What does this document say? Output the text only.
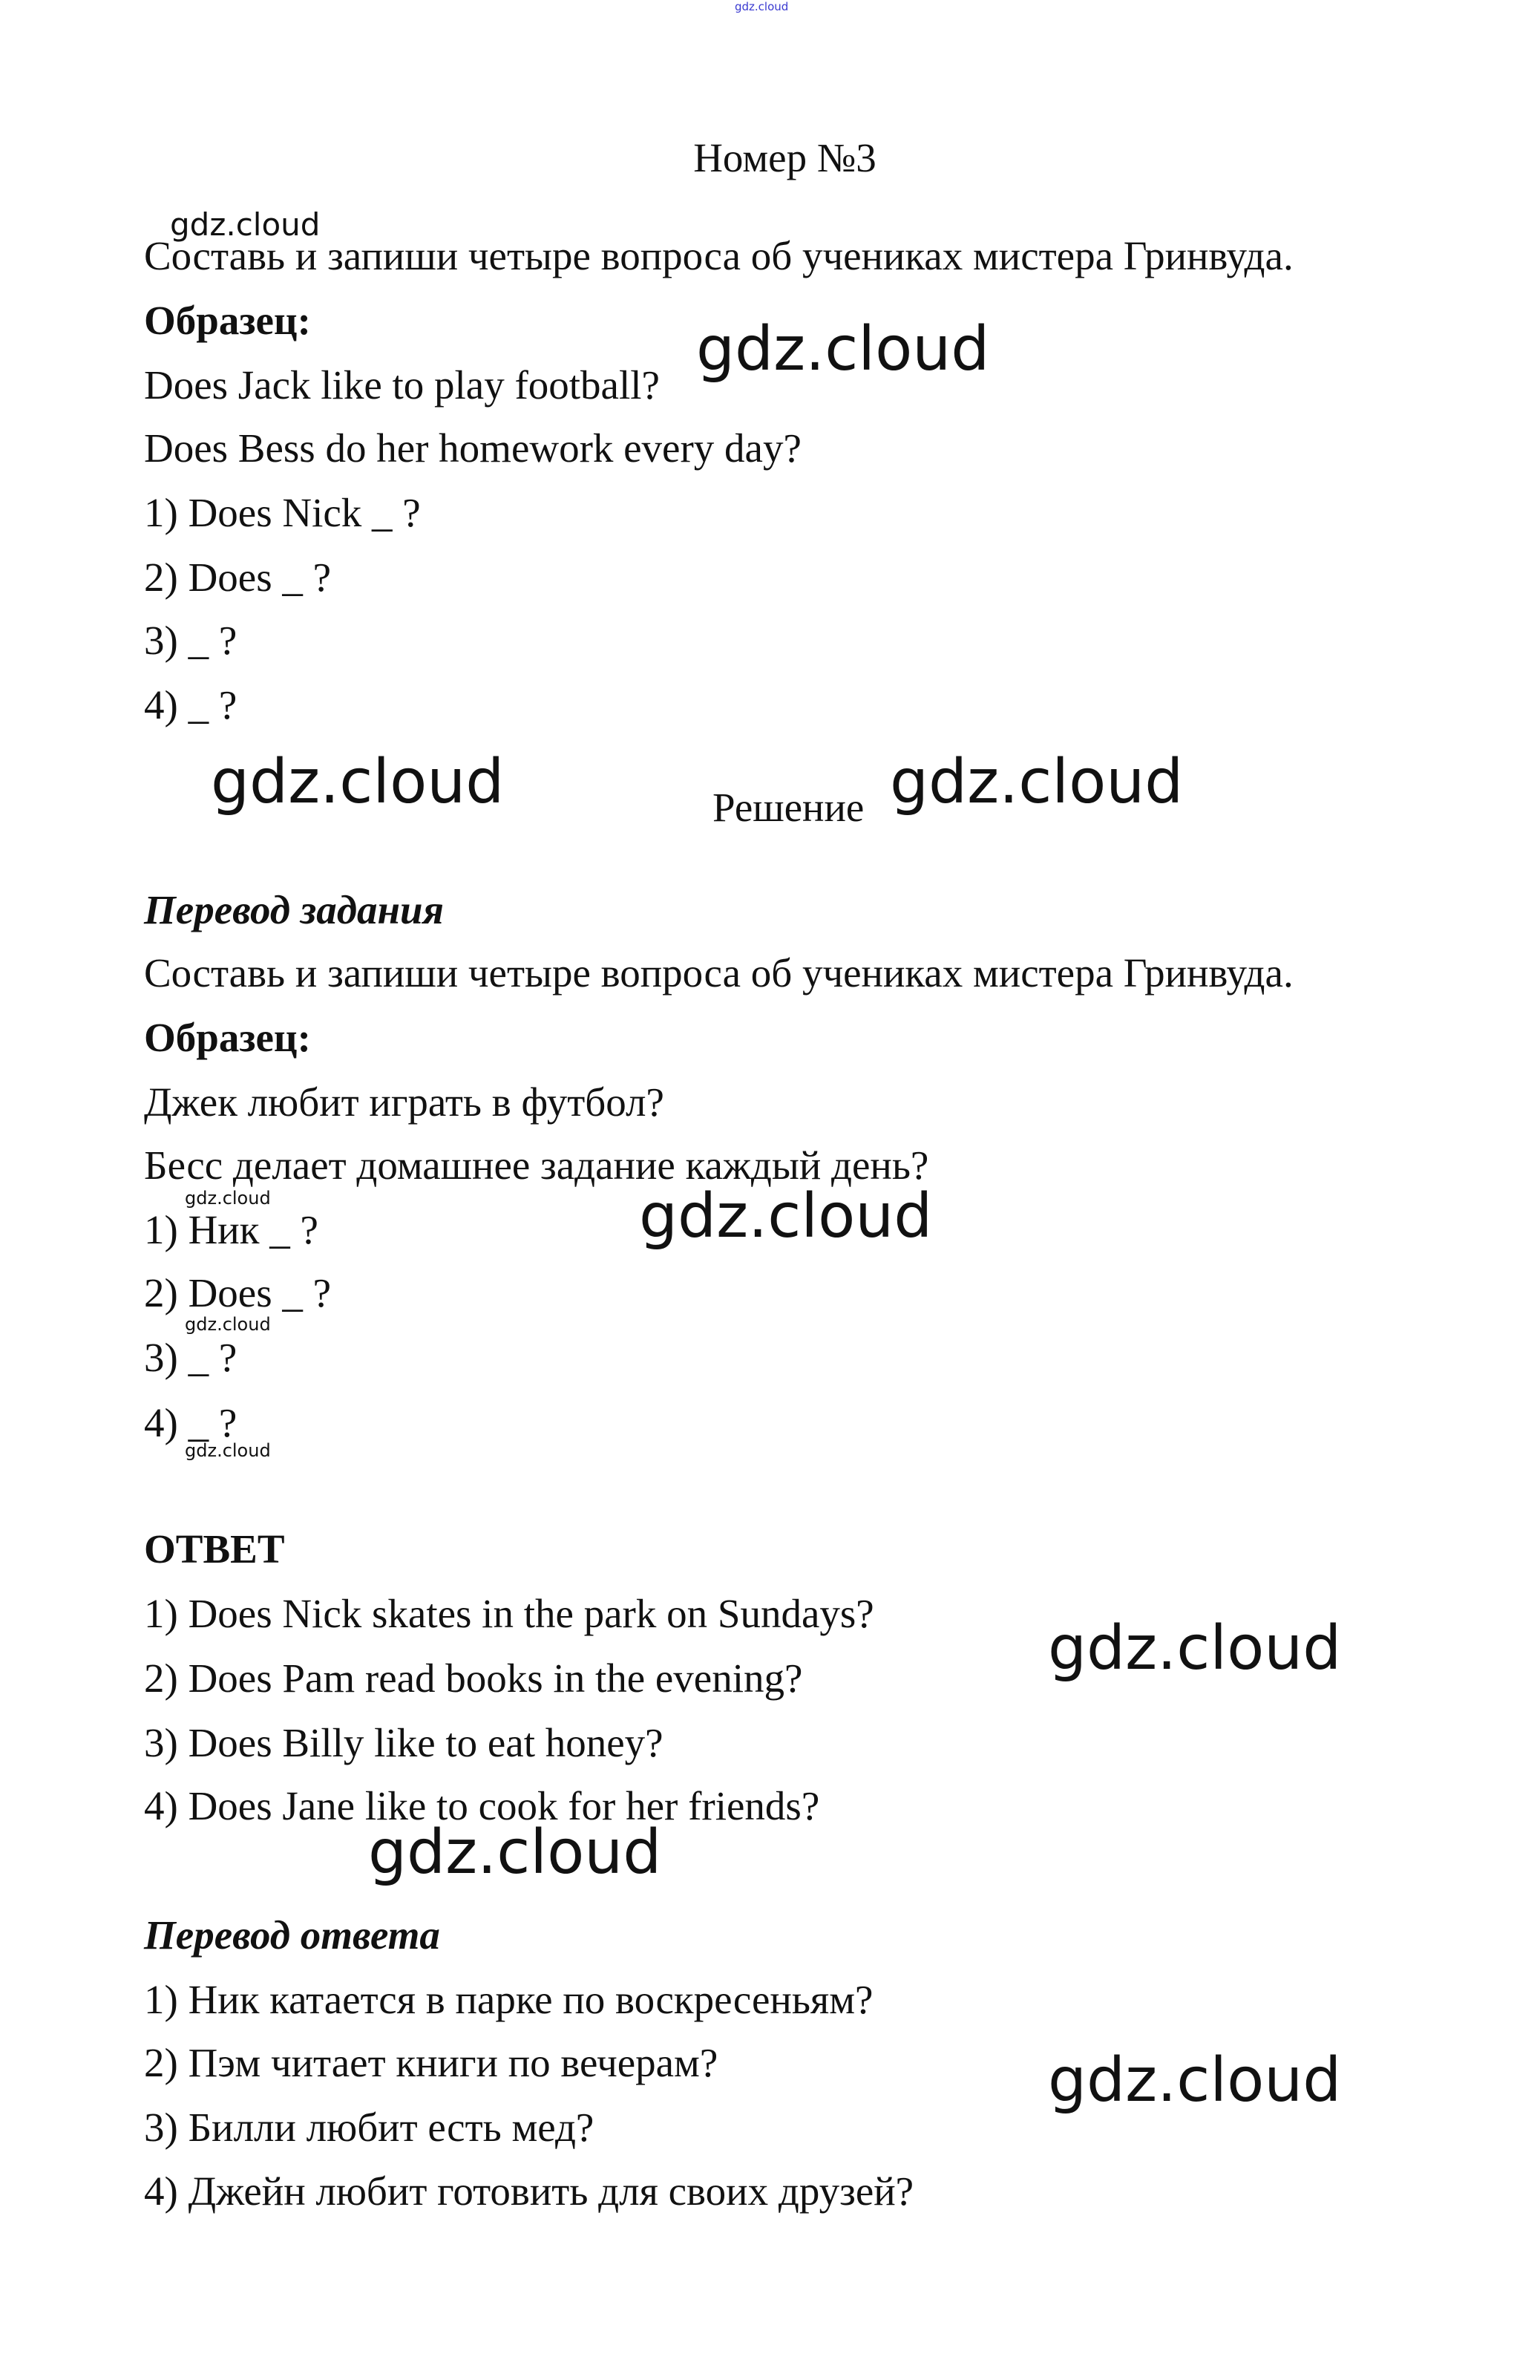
gdz.cloud
Номер №3
gdz.cloud
Составь и запиши четыре вопроса об учениках мистера Гринвуда.
Образец:
Does Jack like to play football?
gdz.cloud
Does Bess do her homework every day?
1) Does Nick _ ?
2) Does _ ?
3) _ ?
4) _ ?
gdz.cloud	Решение gdz.cloud
Перевод задания
Составь и запиши четыре вопроса об учениках мистера Гринвуда.
Образец:
Джек любит играть в футбол?
Бесс делает домашнее задание каждый день?
gdz.cloud
1) Ник _ ?	gdz.cloud
2) Does _ ?
gdz.cloud
3) _ ?
4) _ ?
gdz.cloud
ОТВЕТ
1) Does Nick skates in the park on Sundays?	gdz.cloud
2) Does Pam read books in the evening?
3) Does Billy like to eat honey?
4) Does Jane like to cook for her friends?
gdz.cloud
Перевод ответа
1) Ник катается в парке по воскресеньям?
2) Пэм читает книги по вечерам?	gdz.cloud
3) Билли любит есть мед?
4) Джейн любит готовить для своих друзей?
